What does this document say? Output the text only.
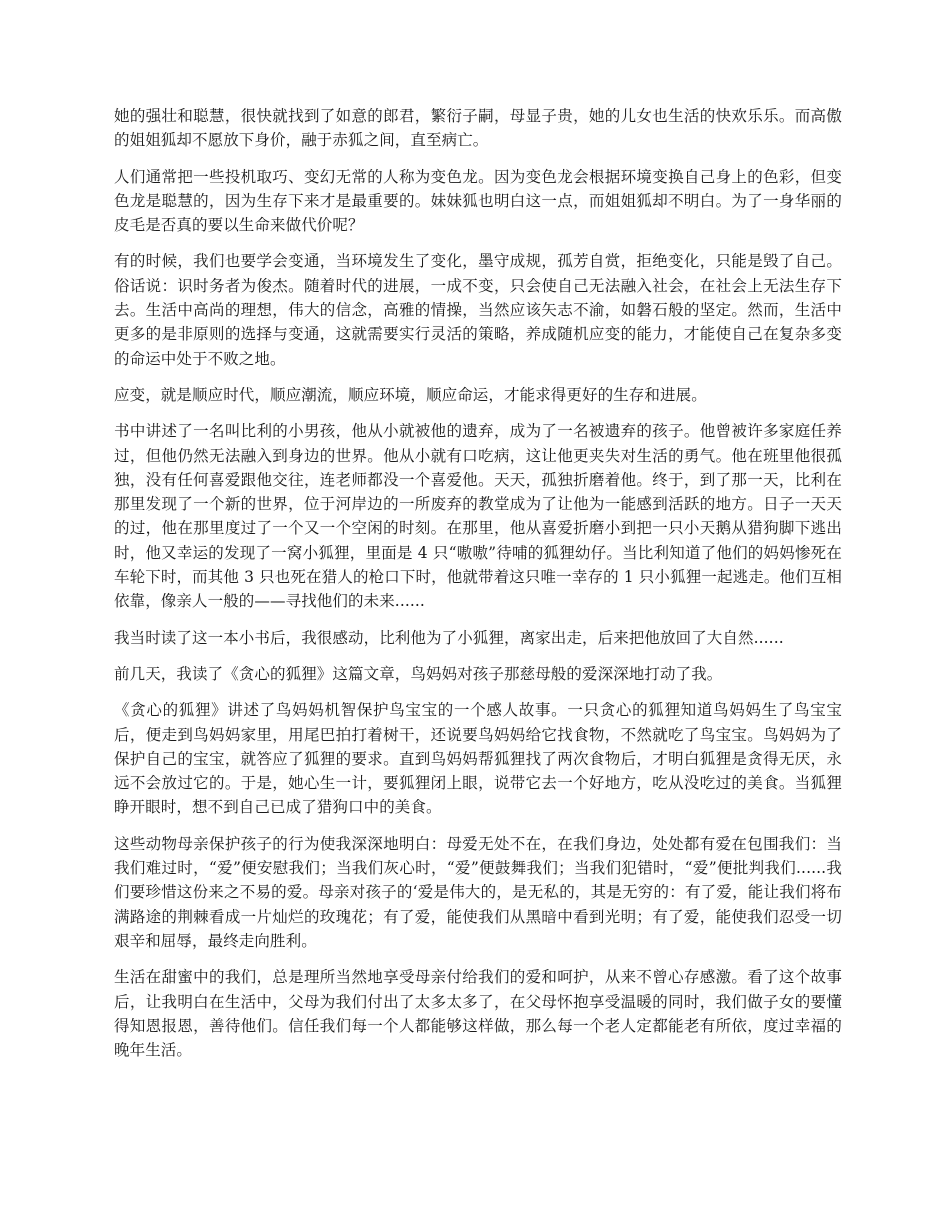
她的强壮和聪慧，很快就找到了如意的郎君，繁衍子嗣，母显子贵，她的儿女也生活的快欢乐乐。而高傲的姐姐狐却不愿放下身价，融于赤狐之间，直至病亡。

人们通常把一些投机取巧、变幻无常的人称为变色龙。因为变色龙会根据环境变换自己身上的色彩，但变色龙是聪慧的，因为生存下来才是最重要的。妹妹狐也明白这一点，而姐姐狐却不明白。为了一身华丽的皮毛是否真的要以生命来做代价呢？

有的时候，我们也要学会变通，当环境发生了变化，墨守成规，孤芳自赏，拒绝变化，只能是毁了自己。俗话说：识时务者为俊杰。随着时代的进展，一成不变，只会使自己无法融入社会，在社会上无法生存下去。生活中高尚的理想，伟大的信念，高雅的情操，当然应该矢志不渝，如磐石般的坚定。然而，生活中更多的是非原则的选择与变通，这就需要实行灵活的策略，养成随机应变的能力，才能使自己在复杂多变的命运中处于不败之地。

应变，就是顺应时代，顺应潮流，顺应环境，顺应命运，才能求得更好的生存和进展。

书中讲述了一名叫比利的小男孩，他从小就被他的遗弃，成为了一名被遗弃的孩子。他曾被许多家庭任养过，但他仍然无法融入到身边的世界。他从小就有口吃病，这让他更夹失对生活的勇气。他在班里他很孤独，没有任何喜爱跟他交往，连老师都没一个喜爱他。天天，孤独折磨着他。终于，到了那一天，比利在那里发现了一个新的世界，位于河岸边的一所废弃的教堂成为了让他为一能感到活跃的地方。日子一天天的过，他在那里度过了一个又一个空闲的时刻。在那里，他从喜爱折磨小到把一只小天鹅从猎狗脚下逃出时，他又幸运的发现了一窝小狐狸，里面是 4 只“嗷嗷”待哺的狐狸幼仔。当比利知道了他们的妈妈惨死在车轮下时，而其他 3 只也死在猎人的枪口下时，他就带着这只唯一幸存的 1 只小狐狸一起逃走。他们互相依靠，像亲人一般的——寻找他们的未来......

我当时读了这一本小书后，我很感动，比利他为了小狐狸，离家出走，后来把他放回了大自然......

前几天，我读了《贪心的狐狸》这篇文章，鸟妈妈对孩子那慈母般的爱深深地打动了我。

《贪心的狐狸》讲述了鸟妈妈机智保护鸟宝宝的一个感人故事。一只贪心的狐狸知道鸟妈妈生了鸟宝宝后，便走到鸟妈妈家里，用尾巴拍打着树干，还说要鸟妈妈给它找食物，不然就吃了鸟宝宝。鸟妈妈为了保护自己的宝宝，就答应了狐狸的要求。直到鸟妈妈帮狐狸找了两次食物后，才明白狐狸是贪得无厌，永远不会放过它的。于是，她心生一计，要狐狸闭上眼，说带它去一个好地方，吃从没吃过的美食。当狐狸睁开眼时，想不到自己已成了猎狗口中的美食。

这些动物母亲保护孩子的行为使我深深地明白：母爱无处不在，在我们身边，处处都有爱在包围我们：当我们难过时，“爱”便安慰我们；当我们灰心时，“爱”便鼓舞我们；当我们犯错时，“爱”便批判我们......我们要珍惜这份来之不易的爱。母亲对孩子的‘爱是伟大的，是无私的，其是无穷的：有了爱，能让我们将布满路途的荆棘看成一片灿烂的玫瑰花；有了爱，能使我们从黑暗中看到光明；有了爱，能使我们忍受一切艰辛和屈辱，最终走向胜利。

生活在甜蜜中的我们，总是理所当然地享受母亲付给我们的爱和呵护，从来不曾心存感激。看了这个故事后，让我明白在生活中，父母为我们付出了太多太多了，在父母怀抱享受温暖的同时，我们做子女的要懂得知恩报恩，善待他们。信任我们每一个人都能够这样做，那么每一个老人定都能老有所依，度过幸福的晚年生活。
